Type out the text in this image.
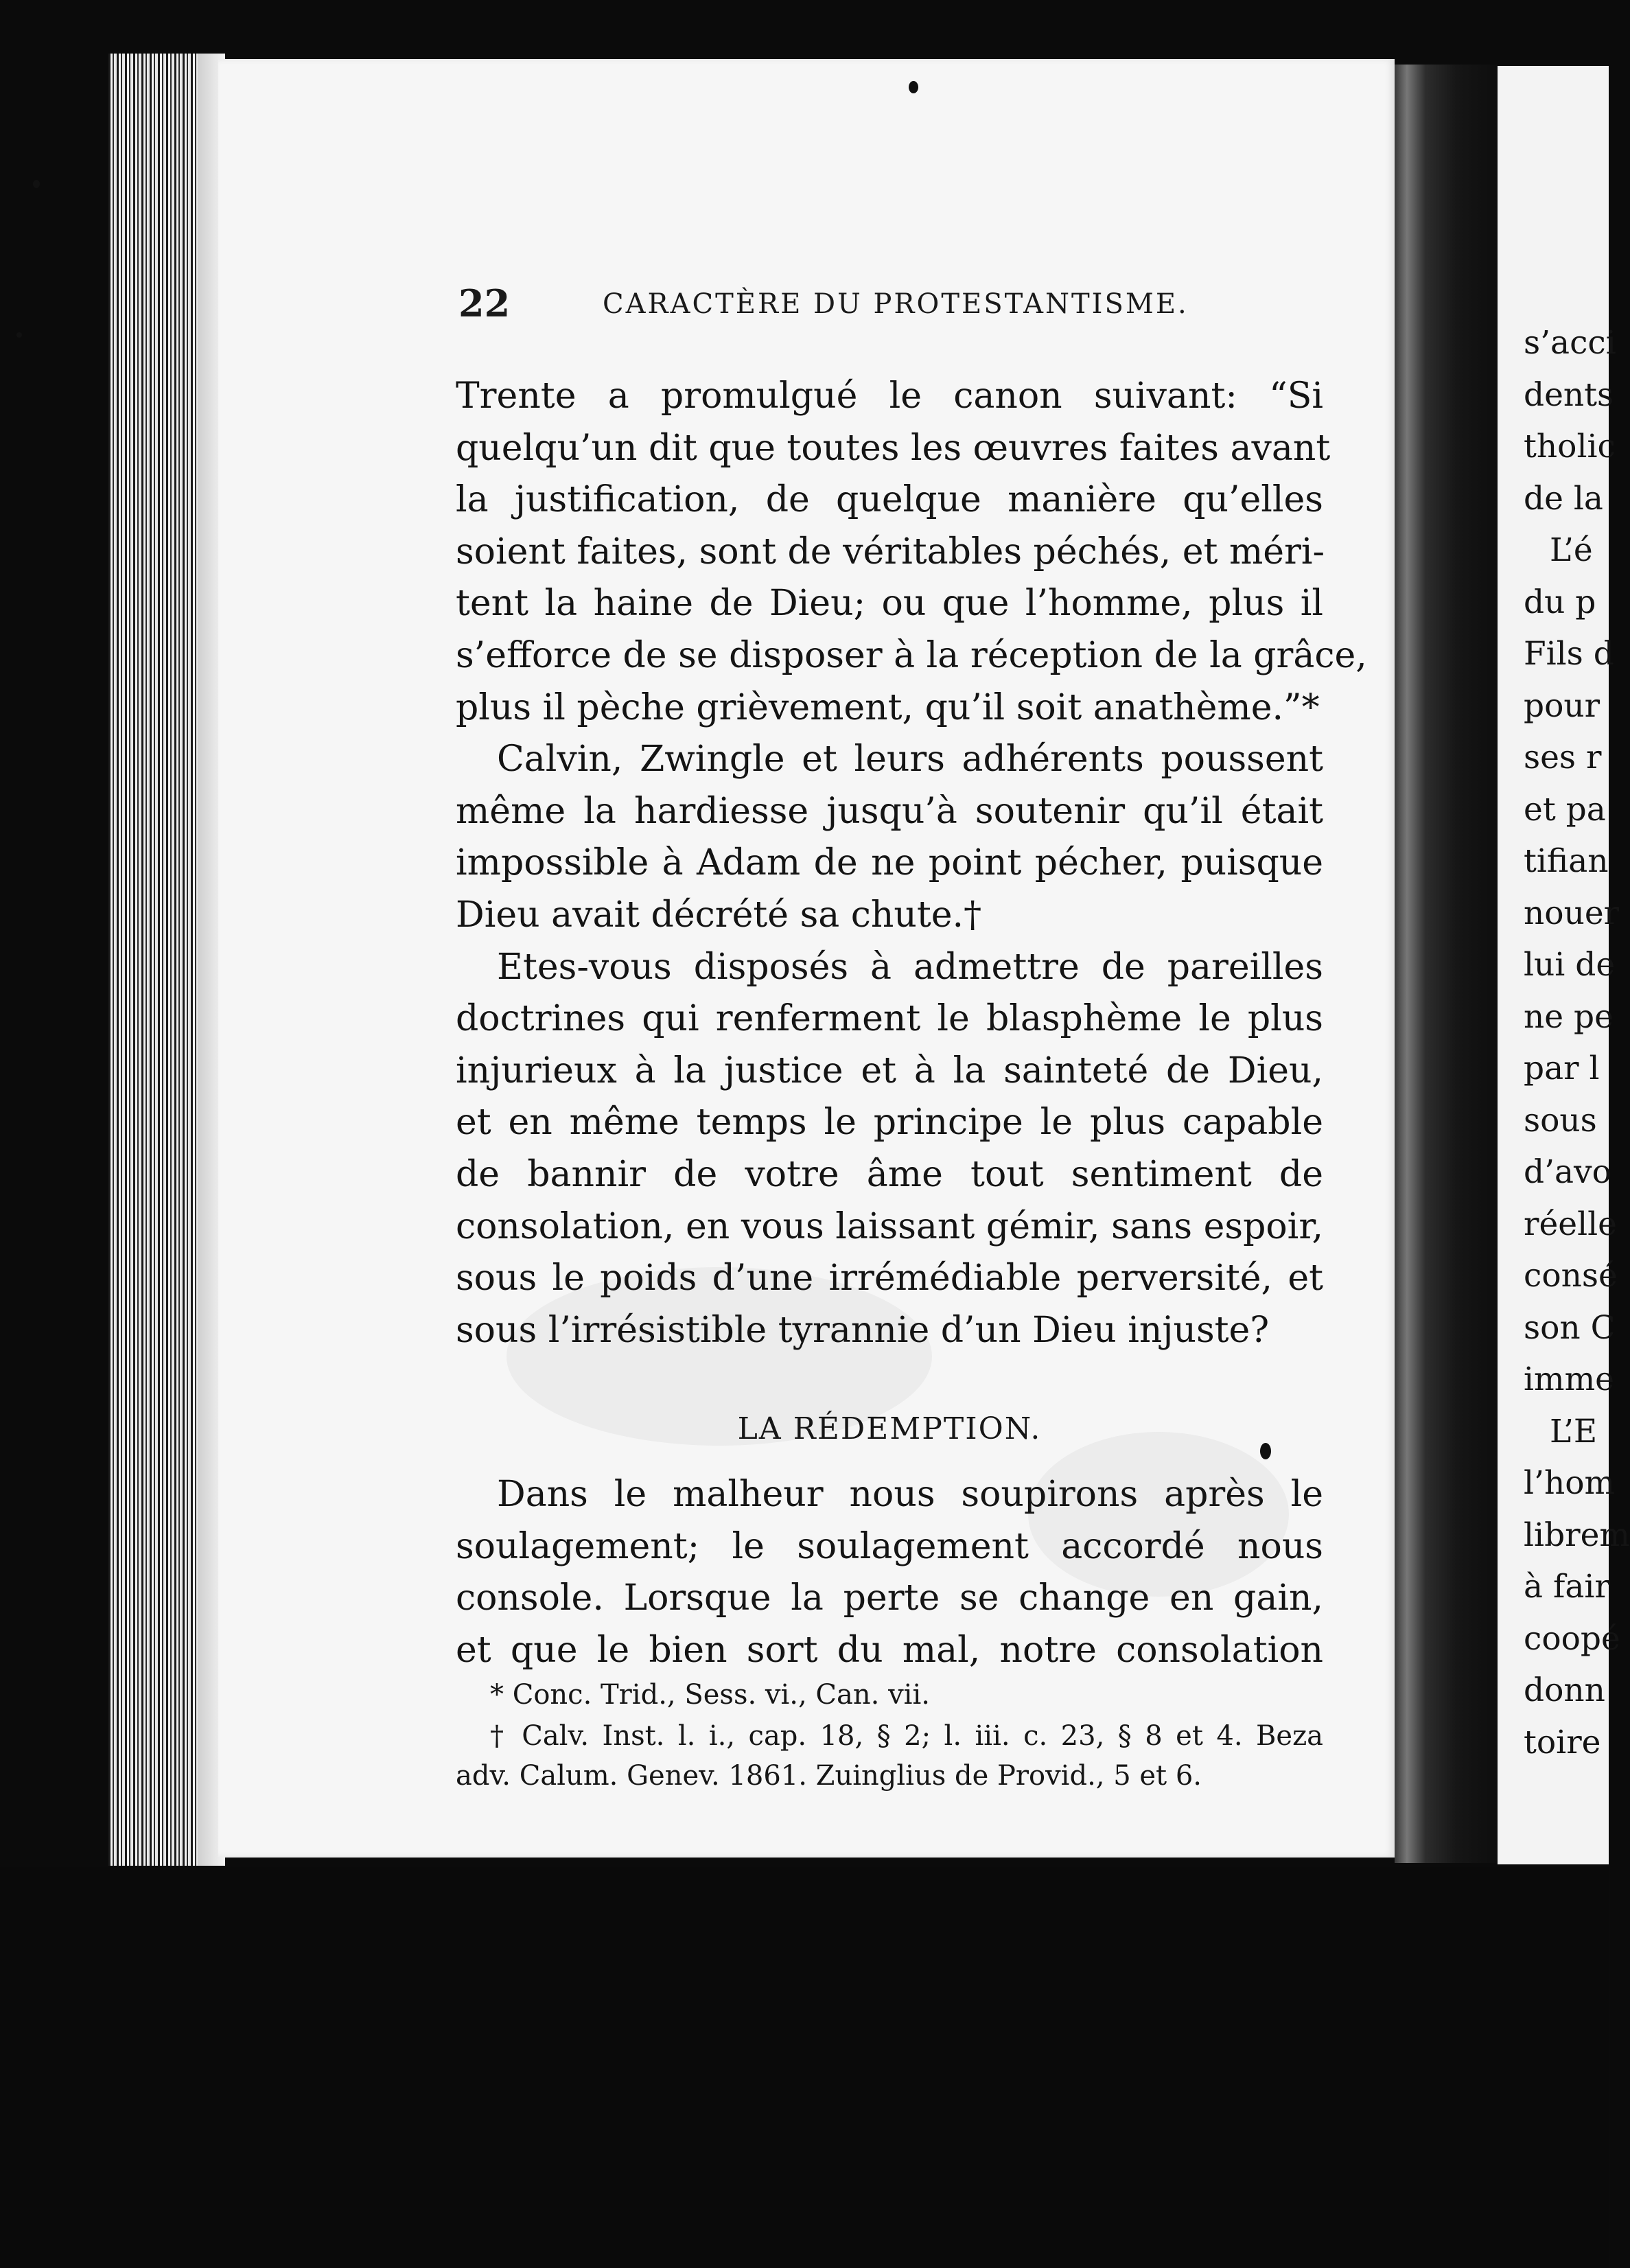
s’acci
dents
tholic
de la
L’é
du p
Fils d
pour
ses r
et pa
tifian
nouer
lui de
ne pe
par l
sous
d’avo
réelle
consé
son C
imme
L’E
l’hom
librem
à fair
coopé
donn
toire
22	CARACTÈRE DU PROTESTANTISME.
Trente a promulgué le canon suivant: “Si
quelqu’un dit que toutes les œuvres faites avant
la justification, de quelque manière qu’elles
soient faites, sont de véritables péchés, et méri-
tent la haine de Dieu; ou que l’homme, plus il
s’efforce de se disposer à la réception de la grâce,
plus il pèche grièvement, qu’il soit anathème.”*
Calvin, Zwingle et leurs adhérents poussent
même la hardiesse jusqu’à soutenir qu’il était
impossible à Adam de ne point pécher, puisque
Dieu avait décrété sa chute.†
Etes-vous disposés à admettre de pareilles
doctrines qui renferment le blasphème le plus
injurieux à la justice et à la sainteté de Dieu,
et en même temps le principe le plus capable
de bannir de votre âme tout sentiment de
consolation, en vous laissant gémir, sans espoir,
sous le poids d’une irrémédiable perversité, et
sous l’irrésistible tyrannie d’un Dieu injuste?
LA RÉDEMPTION.
Dans le malheur nous soupirons après le
soulagement; le soulagement accordé nous
console. Lorsque la perte se change en gain,
et que le bien sort du mal, notre consolation
* Conc. Trid., Sess. vi., Can. vii.
† Calv. Inst. l. i., cap. 18, § 2; l. iii. c. 23, § 8 et 4. Beza
adv. Calum. Genev. 1861. Zuinglius de Provid., 5 et 6.
